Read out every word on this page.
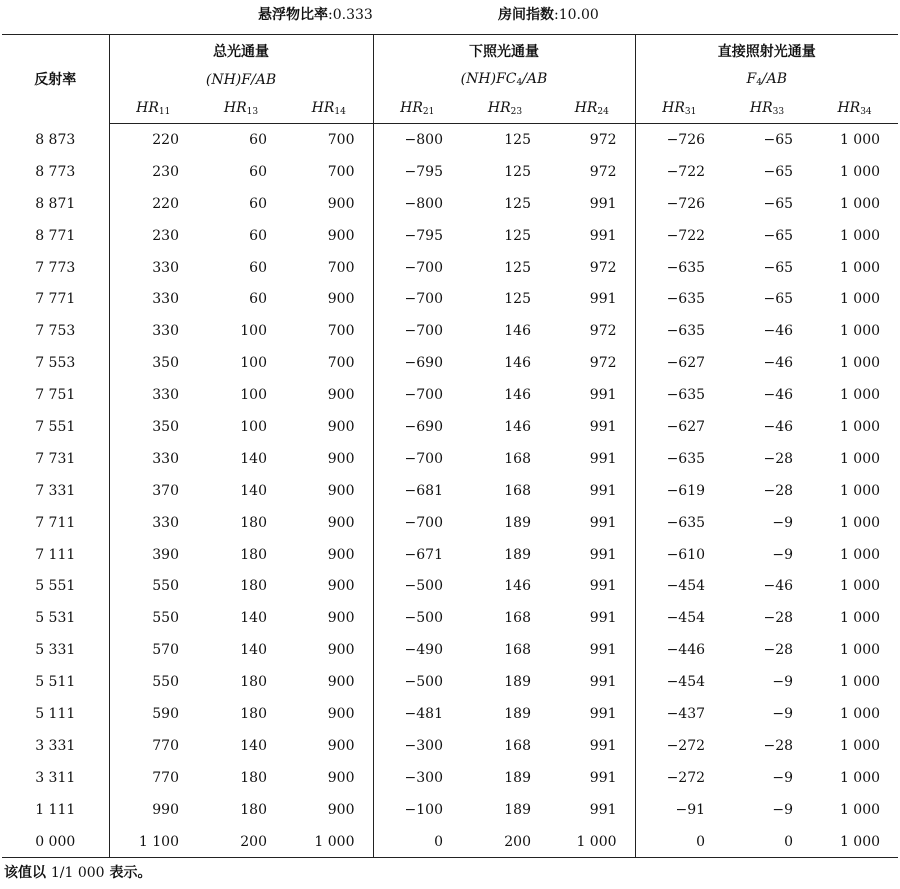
悬浮物比率:0.333	房间指数:10.00
反射率	总光通量			下照光通量			直接照射光通量		
	(NH)F/AB			$(NH)FC_4/AB$			$F_4/AB$		
	$HR_{11}$	$HR_{13}$	$HR_{14}$	$HR_{21}$	$HR_{23}$	$HR_{24}$	$HR_{31}$	$HR_{33}$	$HR_{34}$
8 873	220	60	700	−800	125	972	−726	−65	1 000
8 773	230	60	700	−795	125	972	−722	−65	1 000
8 871	220	60	900	−800	125	991	−726	−65	1 000
8 771	230	60	900	−795	125	991	−722	−65	1 000
7 773	330	60	700	−700	125	972	−635	−65	1 000
7 771	330	60	900	−700	125	991	−635	−65	1 000
7 753	330	100	700	−700	146	972	−635	−46	1 000
7 553	350	100	700	−690	146	972	−627	−46	1 000
7 751	330	100	900	−700	146	991	−635	−46	1 000
7 551	350	100	900	−690	146	991	−627	−46	1 000
7 731	330	140	900	−700	168	991	−635	−28	1 000
7 331	370	140	900	−681	168	991	−619	−28	1 000
7 711	330	180	900	−700	189	991	−635	−9	1 000
7 111	390	180	900	−671	189	991	−610	−9	1 000
5 551	550	180	900	−500	146	991	−454	−46	1 000
5 531	550	140	900	−500	168	991	−454	−28	1 000
5 331	570	140	900	−490	168	991	−446	−28	1 000
5 511	550	180	900	−500	189	991	−454	−9	1 000
5 111	590	180	900	−481	189	991	−437	−9	1 000
3 331	770	140	900	−300	168	991	−272	−28	1 000
3 311	770	180	900	−300	189	991	−272	−9	1 000
1 111	990	180	900	−100	189	991	−91	−9	1 000
0 000	1 100	200	1 000	0	200	1 000	0	0	1 000
该值以 1/1 000 表示。
